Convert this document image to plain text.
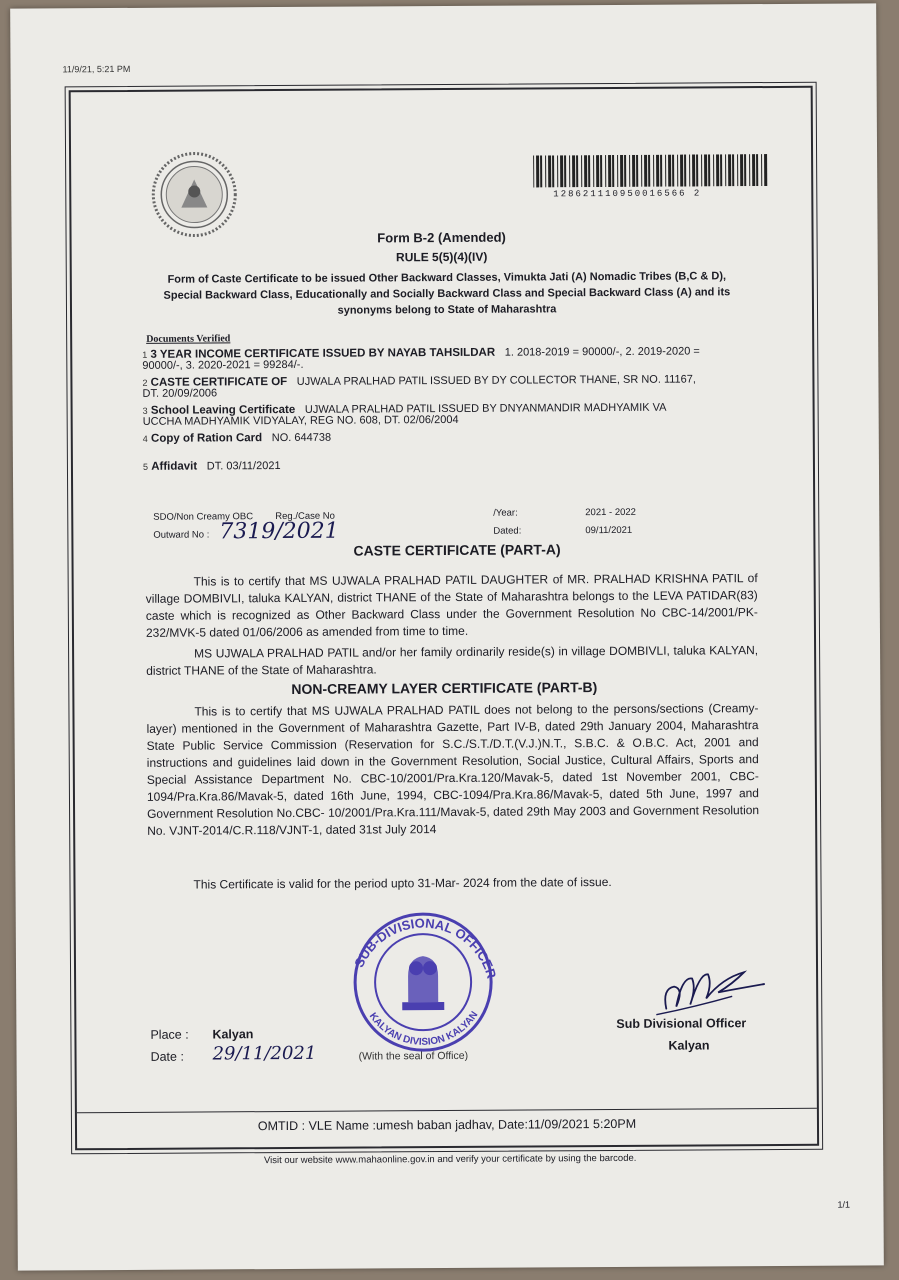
11/9/21, 5:21 PM
128621110950016566 2
Form B-2 (Amended)
RULE 5(5)(4)(IV)
Form of Caste Certificate to be issued Other Backward Classes, Vimukta Jati (A) Nomadic Tribes (B,C & D), Special Backward Class, Educationally and Socially Backward Class and Special Backward Class (A) and its synonyms belong to State of Maharashtra
Documents Verified
1 3 YEAR INCOME CERTIFICATE ISSUED BY NAYAB TAHSILDAR 1. 2018-2019 = 90000/-, 2. 2019-2020 = 90000/-, 3. 2020-2021 = 99284/-.
2 CASTE CERTIFICATE OF UJWALA PRALHAD PATIL ISSUED BY DY COLLECTOR THANE, SR NO. 11167, DT. 20/09/2006
3 School Leaving Certificate UJWALA PRALHAD PATIL ISSUED BY DNYANMANDIR MADHYAMIK VA UCCHA MADHYAMIK VIDYALAY, REG NO. 608, DT. 02/06/2004
4 Copy of Ration Card NO. 644738
5 Affidavit DT. 03/11/2021
SDO/Non Creamy OBC Reg./Case No	/Year:	2021 - 2022
Outward No : 7319/2021	Dated:	09/11/2021
CASTE CERTIFICATE (PART-A)
This is to certify that MS UJWALA PRALHAD PATIL DAUGHTER of MR. PRALHAD KRISHNA PATIL of village DOMBIVLI, taluka KALYAN, district THANE of the State of Maharashtra belongs to the LEVA PATIDAR(83) caste which is recognized as Other Backward Class under the Government Resolution No CBC-14/2001/PK-232/MVK-5 dated 01/06/2006 as amended from time to time.
MS UJWALA PRALHAD PATIL and/or her family ordinarily reside(s) in village DOMBIVLI, taluka KALYAN, district THANE of the State of Maharashtra.
NON-CREAMY LAYER CERTIFICATE (PART-B)
This is to certify that MS UJWALA PRALHAD PATIL does not belong to the persons/sections (Creamy-layer) mentioned in the Government of Maharashtra Gazette, Part IV-B, dated 29th January 2004, Maharashtra State Public Service Commission (Reservation for S.C./S.T./D.T.(V.J.)N.T., S.B.C. & O.B.C. Act, 2001 and instructions and guidelines laid down in the Government Resolution, Social Justice, Cultural Affairs, Sports and Special Assistance Department No. CBC-10/2001/Pra.Kra.120/Mavak-5, dated 1st November 2001, CBC-1094/Pra.Kra.86/Mavak-5, dated 16th June, 1994, CBC-1094/Pra.Kra.86/Mavak-5, dated 5th June, 1997 and Government Resolution No.CBC- 10/2001/Pra.Kra.111/Mavak-5, dated 29th May 2003 and Government Resolution No. VJNT-2014/C.R.118/VJNT-1, dated 31st July 2014
This Certificate is valid for the period upto 31-Mar- 2024 from the date of issue.
SUB-DIVISIONAL OFFICER
KALYAN DIVISION KALYAN
(With the seal of Office)
Place : Kalyan
Date : 29/11/2021
Sub Divisional Officer
Kalyan
OMTID : VLE Name :umesh baban jadhav, Date:11/09/2021 5:20PM
Visit our website www.mahaonline.gov.in and verify your certificate by using the barcode.
1/1
